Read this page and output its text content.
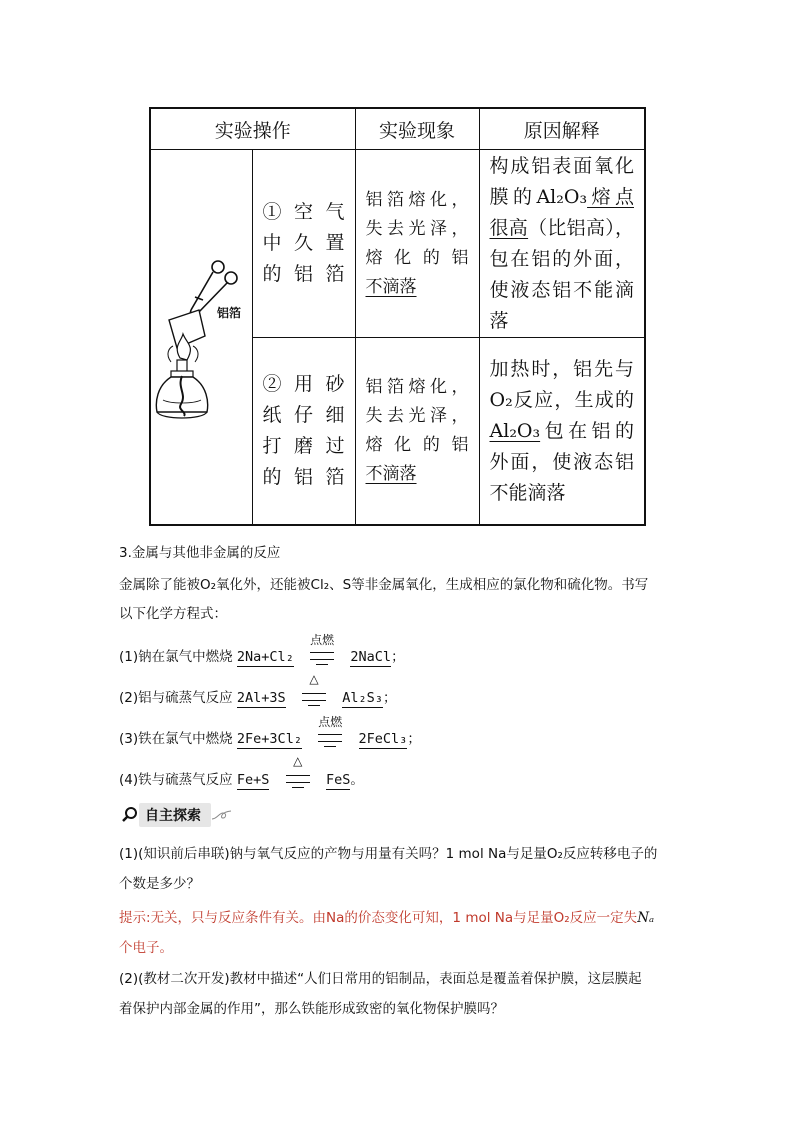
实验操作		实验现象	原因解释

铝箔	① 空 气 中 久 置 的铝箔	铝箔熔化，
失去光泽，
熔化的铝
不滴落	构成铝表面氧化膜的Al₂O₃熔点很高（比铝高），包在铝的外面，使液态铝不能滴落
	② 用 砂 纸 仔 细 打 磨 过 的铝箔	铝箔熔化，
失去光泽，
熔化的铝
不滴落	加热时，铝先与O₂反应，生成的Al₂O₃包在铝的外面，使液态铝不能滴落
3.金属与其他非金属的反应
金属除了能被O₂氧化外，还能被Cl₂、S等非金属氧化，生成相应的氯化物和硫化物。书写
以下化学方程式：
(1)钠在氯气中燃烧 2Na+Cl₂
点燃
2NaCl；
(2)铝与硫蒸气反应 2Al+3S
△
Al₂S₃；
(3)铁在氯气中燃烧 2Fe+3Cl₂
点燃
2FeCl₃；
(4)铁与硫蒸气反应 Fe+S
△
FeS。
自主探索
(1)(知识前后串联)钠与氧气反应的产物与用量有关吗？1 mol Na与足量O₂反应转移电子的
个数是多少？
提示:无关，只与反应条件有关。由Na的价态变化可知，1 mol Na与足量O₂反应一定失Nₐ
个电子。
(2)(教材二次开发)教材中描述“人们日常用的铝制品，表面总是覆盖着保护膜，这层膜起
着保护内部金属的作用”，那么铁能形成致密的氧化物保护膜吗？
